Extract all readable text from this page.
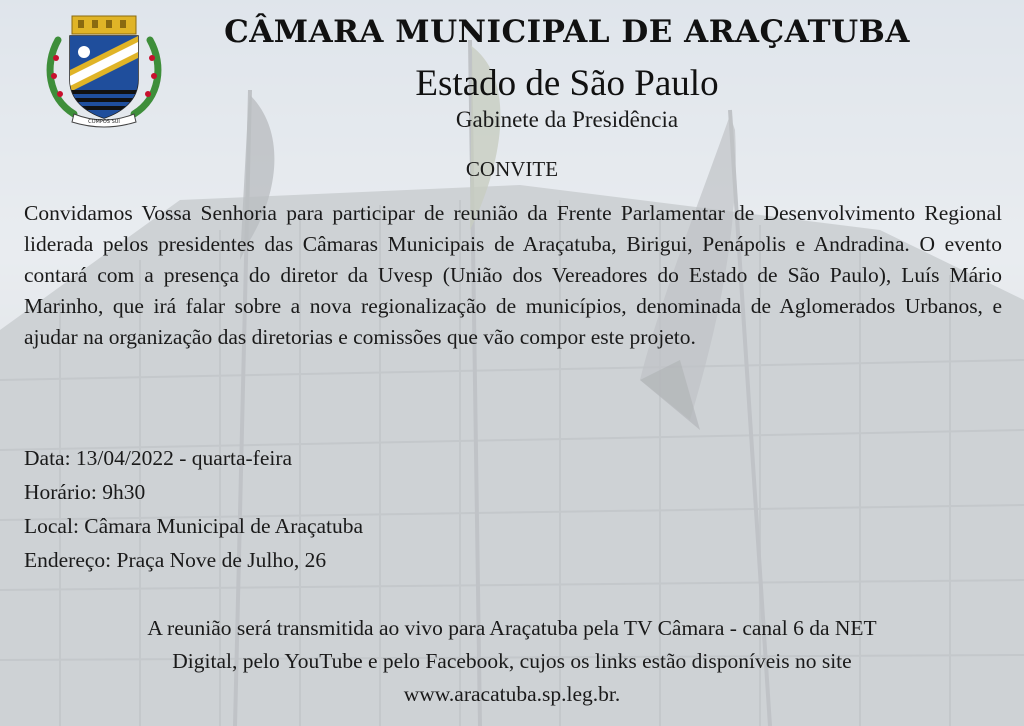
COMPOS SUI
CÂMARA MUNICIPAL DE ARAÇATUBA
Estado de São Paulo
Gabinete da Presidência
CONVITE
Convidamos Vossa Senhoria para participar de reunião da Frente Parlamentar de Desenvolvimento Regional liderada pelos presidentes das Câmaras Municipais de Araçatuba, Birigui, Penápolis e Andradina. O evento contará com a presença do diretor da Uvesp (União dos Vereadores do Estado de São Paulo), Luís Mário Marinho, que irá falar sobre a nova regionalização de municípios, denominada de Aglomerados Urbanos, e ajudar na organização das diretorias e comissões que vão compor este projeto.
Data: 13/04/2022 - quarta-feira
Horário: 9h30
Local: Câmara Municipal de Araçatuba
Endereço: Praça Nove de Julho, 26
A reunião será transmitida ao vivo para Araçatuba pela TV Câmara - canal 6 da NET
Digital, pelo YouTube e pelo Facebook, cujos os links estão disponíveis no site
www.aracatuba.sp.leg.br.
